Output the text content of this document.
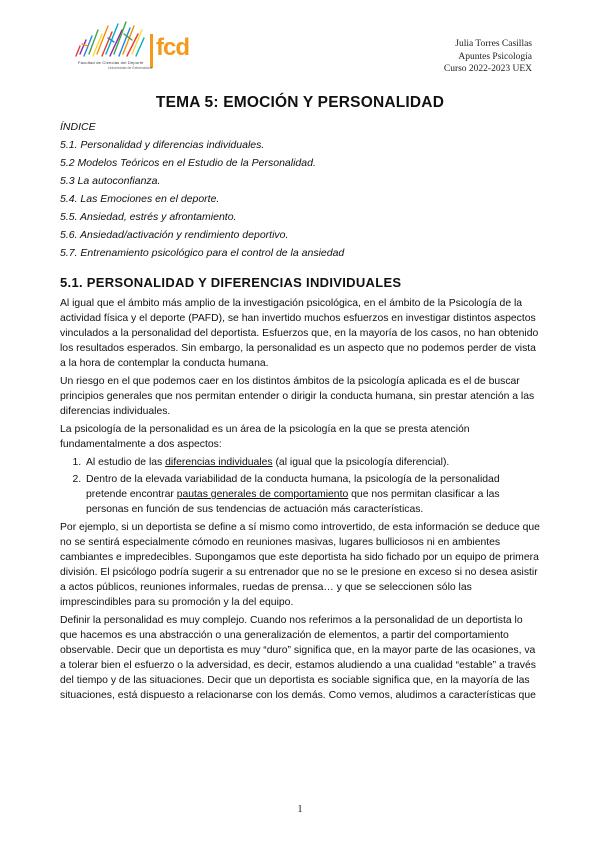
fcd
Facultad de Ciencias del Deporte
Universidad de Extremadura
Julia Torres Casillas
Apuntes Psicología
Curso 2022-2023 UEX
TEMA 5: EMOCIÓN Y PERSONALIDAD
ÍNDICE
5.1. Personalidad y diferencias individuales.
5.2 Modelos Teóricos en el Estudio de la Personalidad.
5.3 La autoconfianza.
5.4. Las Emociones en el deporte.
5.5. Ansiedad, estrés y afrontamiento.
5.6. Ansiedad/activación y rendimiento deportivo.
5.7. Entrenamiento psicológico para el control de la ansiedad
5.1. PERSONALIDAD Y DIFERENCIAS INDIVIDUALES

Al igual que el ámbito más amplio de la investigación psicológica, en el ámbito de la Psicología de la actividad física y el deporte (PAFD), se han invertido muchos esfuerzos en investigar distintos aspectos vinculados a la personalidad del deportista. Esfuerzos que, en la mayoría de los casos, no han obtenido los resultados esperados. Sin embargo, la personalidad es un aspecto que no podemos perder de vista a la hora de contemplar la conducta humana.

Un riesgo en el que podemos caer en los distintos ámbitos de la psicología aplicada es el de buscar principios generales que nos permitan entender o dirigir la conducta humana, sin prestar atención a las diferencias individuales.

La psicología de la personalidad es un área de la psicología en la que se presta atención fundamentalmente a dos aspectos:

1. Al estudio de las diferencias individuales (al igual que la psicología diferencial).
2. Dentro de la elevada variabilidad de la conducta humana, la psicología de la personalidad pretende encontrar pautas generales de comportamiento que nos permitan clasificar a las personas en función de sus tendencias de actuación más características.

Por ejemplo, si un deportista se define a sí mismo como introvertido, de esta información se deduce que no se sentirá especialmente cómodo en reuniones masivas, lugares bulliciosos ni en ambientes cambiantes e impredecibles. Supongamos que este deportista ha sido fichado por un equipo de primera división. El psicólogo podría sugerir a su entrenador que no se le presione en exceso si no desea asistir a actos públicos, reuniones informales, ruedas de prensa… y que se seleccionen sólo las imprescindibles para su promoción y la del equipo.

Definir la personalidad es muy complejo. Cuando nos referimos a la personalidad de un deportista lo que hacemos es una abstracción o una generalización de elementos, a partir del comportamiento observable. Decir que un deportista es muy “duro” significa que, en la mayor parte de las ocasiones, va a tolerar bien el esfuerzo o la adversidad, es decir, estamos aludiendo a una cualidad “estable” a través del tiempo y de las situaciones. Decir que un deportista es sociable significa que, en la mayoría de las situaciones, está dispuesto a relacionarse con los demás. Como vemos, aludimos a características que

1
